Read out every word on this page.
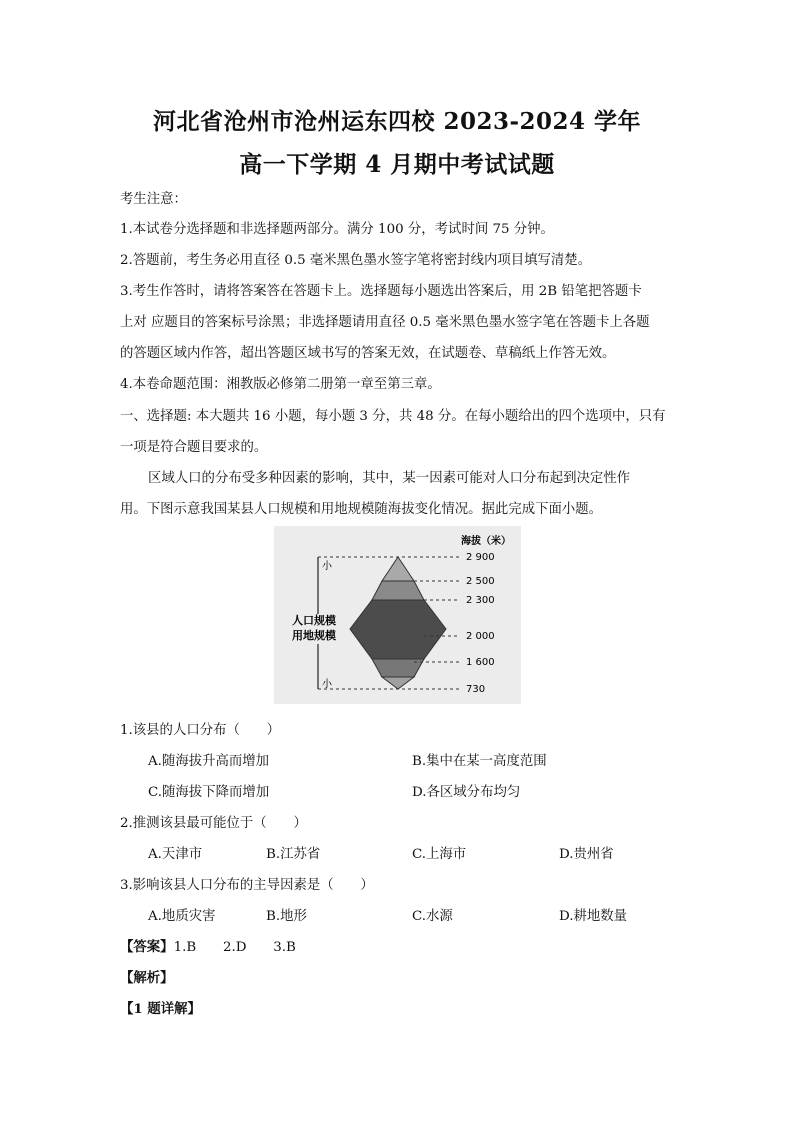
河北省沧州市沧州运东四校 2023-2024 学年
高一下学期 4 月期中考试试题
考生注意：
1.本试卷分选择题和非选择题两部分。满分 100 分，考试时间 75 分钟。
2.答题前，考生务必用直径 0.5 毫米黑色墨水签字笔将密封线内项目填写清楚。
3.考生作答时，请将答案答在答题卡上。选择题每小题选出答案后，用 2B 铅笔把答题卡
上对 应题目的答案标号涂黑；非选择题请用直径 0.5 毫米黑色墨水签字笔在答题卡上各题
的答题区域内作答，超出答题区域书写的答案无效，在试题卷、草稿纸上作答无效。
4.本卷命题范围：湘教版必修第二册第一章至第三章。
一、选择题: 本大题共 16 小题，每小题 3 分，共 48 分。在每小题给出的四个选项中，只有
一项是符合题目要求的。
区域人口的分布受多种因素的影响，其中，某一因素可能对人口分布起到决定性作
用。下图示意我国某县人口规模和用地规模随海拔变化情况。据此完成下面小题。
海拔（米）
小
小
人口规模
用地规模
2 900
2 500
2 300
2 000
1 600
730
1.该县的人口分布（　　）
A.随海拔升高而增加	B.集中在某一高度范围
C.随海拔下降而增加	D.各区域分布均匀
2.推测该县最可能位于（　　）
A.天津市	B.江苏省	C.上海市	D.贵州省
3.影响该县人口分布的主导因素是（　　）
A.地质灾害	B.地形	C.水源	D.耕地数量
【答案】1.B　　2.D　　3.B
【解析】
【1 题详解】
